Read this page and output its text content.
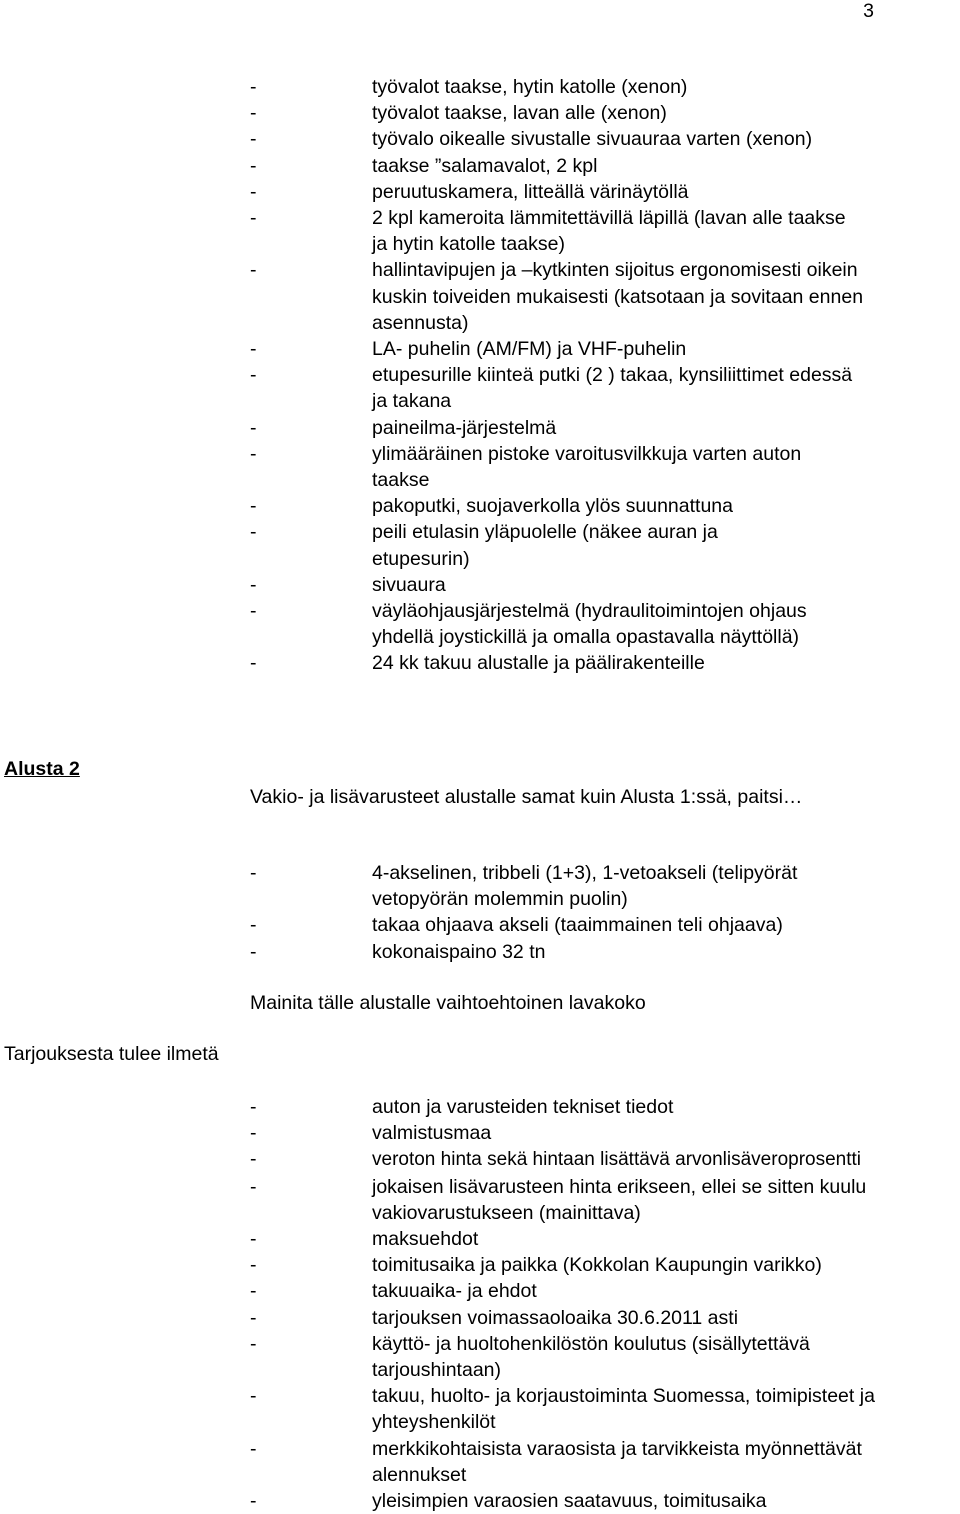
3
-	työvalot taakse, hytin katolle (xenon)
-	työvalot taakse, lavan alle (xenon)
-	työvalo oikealle sivustalle sivuauraa varten (xenon)
-	taakse ”salamavalot, 2 kpl
-	peruutuskamera, litteällä värinäytöllä
-	2 kpl kameroita lämmitettävillä läpillä (lavan alle taakse ja hytin katolle taakse)
-	hallintavipujen ja –kytkinten sijoitus ergonomisesti oikein kuskin toiveiden mukaisesti (katsotaan ja sovitaan ennen asennusta)
-	LA- puhelin (AM/FM) ja VHF-puhelin
-	etupesurille kiinteä putki (2 ) takaa, kynsiliittimet edessä ja takana
-	paineilma-järjestelmä
-	ylimääräinen pistoke varoitusvilkkuja varten auton taakse
-	pakoputki, suojaverkolla ylös suunnattuna
-	peili etulasin yläpuolelle (näkee auran ja etupesurin)
-	sivuaura
-	väyläohjausjärjestelmä (hydraulitoimintojen ohjaus yhdellä joystickillä ja omalla opastavalla näyttöllä)
-	24 kk takuu alustalle ja päälirakenteille
Alusta 2

Vakio- ja lisävarusteet alustalle samat kuin Alusta 1:ssä, paitsi…

-	4-akselinen, tribbeli (1+3), 1-vetoakseli (telipyörät vetopyörän molemmin puolin)
-	takaa ohjaava akseli (taaimmainen teli ohjaava)
-	kokonaispaino 32 tn

Mainita tälle alustalle vaihtoehtoinen lavakoko

Tarjouksesta tulee ilmetä
-	auton ja varusteiden tekniset tiedot
-	valmistusmaa
-	veroton hinta sekä hintaan lisättävä arvonlisäveroprosentti
-	jokaisen lisävarusteen hinta erikseen, ellei se sitten kuulu vakiovarustukseen (mainittava)
-	maksuehdot
-	toimitusaika ja paikka (Kokkolan Kaupungin varikko)
-	takuuaika- ja ehdot
-	tarjouksen voimassaoloaika 30.6.2011 asti
-	käyttö- ja huoltohenkilöstön koulutus (sisällytettävä tarjoushintaan)
-	takuu, huolto- ja korjaustoiminta Suomessa, toimipisteet ja yhteyshenkilöt
-	merkkikohtaisista varaosista ja tarvikkeista myönnettävät alennukset
-	yleisimpien varaosien saatavuus, toimitusaika
